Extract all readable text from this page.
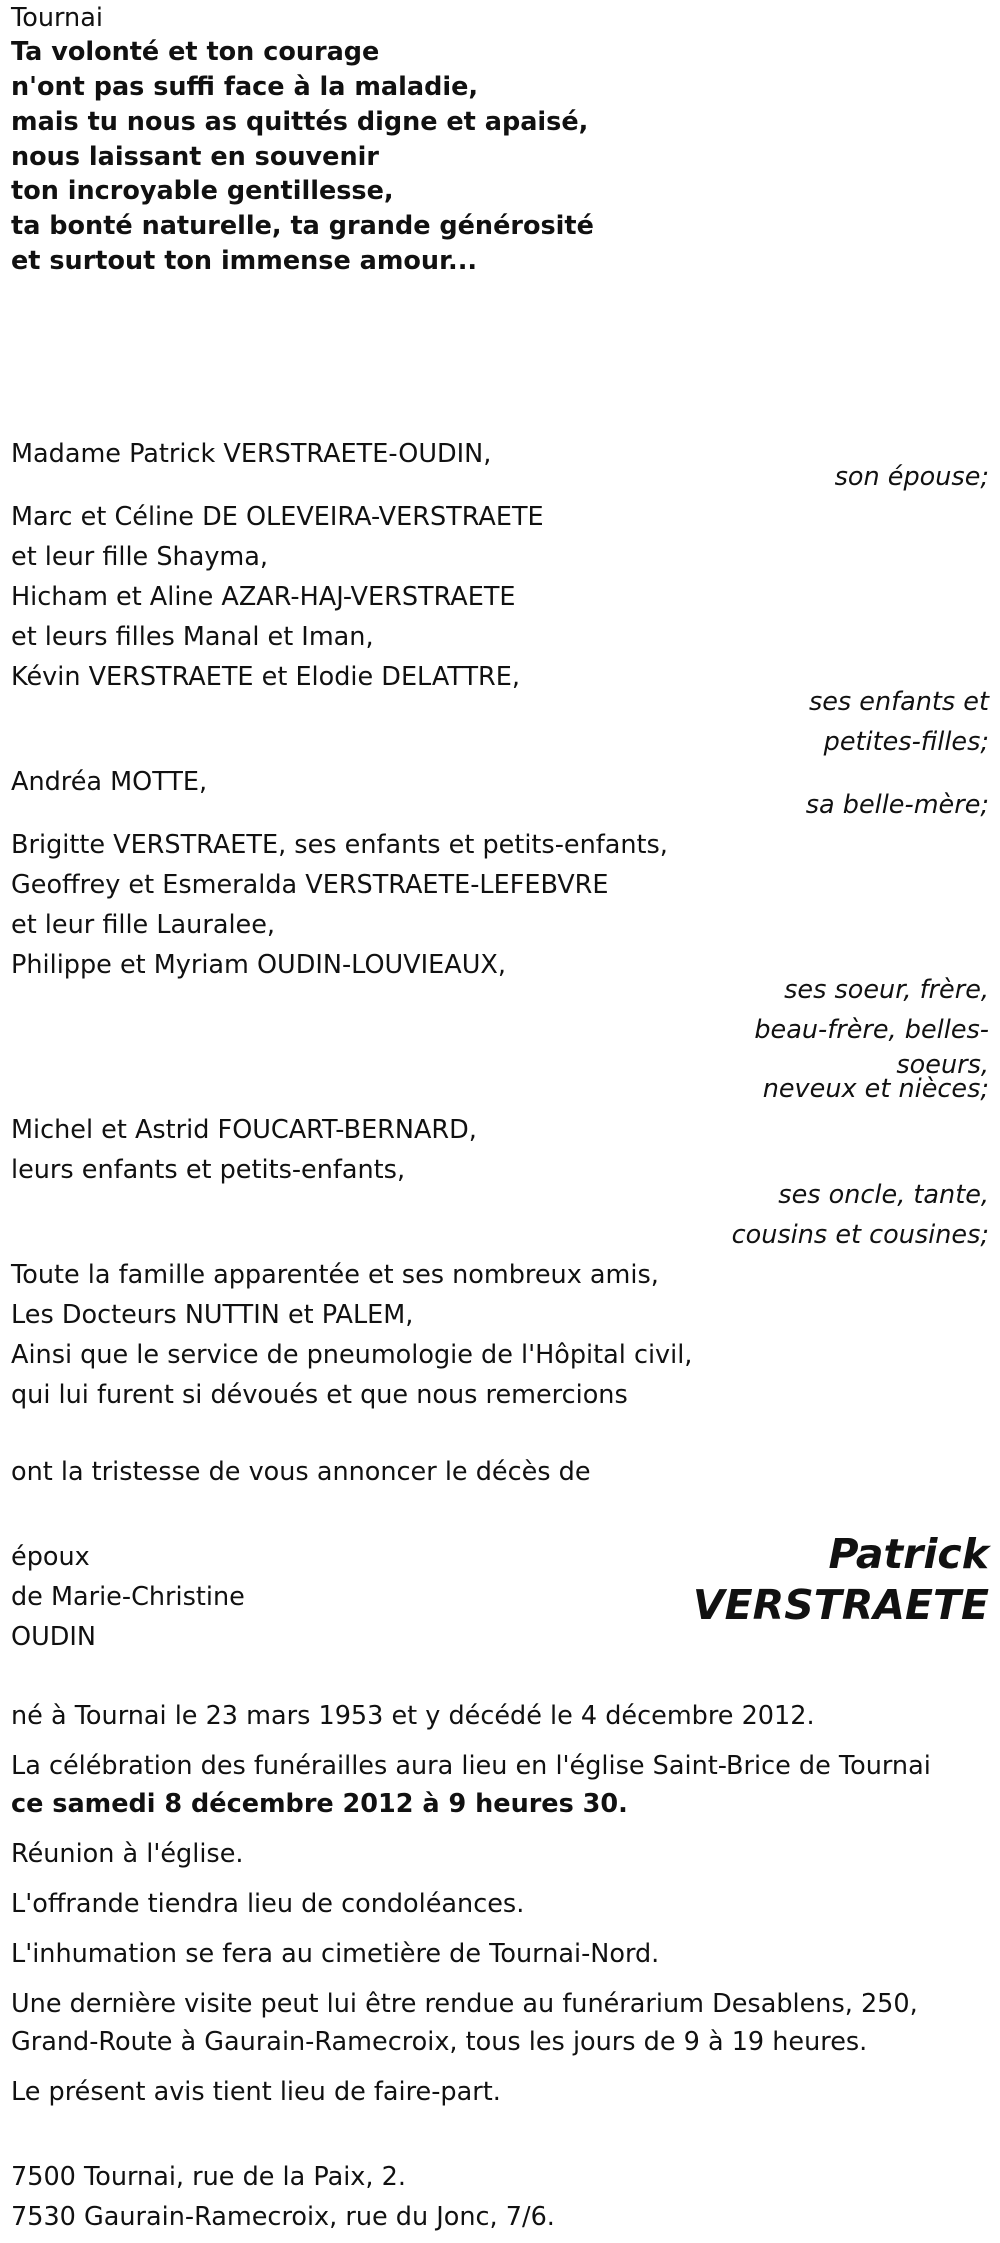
Tournai
Ta volonté et ton courage
n'ont pas suffi face à la maladie,
mais tu nous as quittés digne et apaisé,
nous laissant en souvenir
ton incroyable gentillesse,
ta bonté naturelle, ta grande générosité
et surtout ton immense amour...
Madame Patrick VERSTRAETE-OUDIN,
son épouse;
Marc et Céline DE OLEVEIRA-VERSTRAETE
et leur fille Shayma,
Hicham et Aline AZAR-HAJ-VERSTRAETE
et leurs filles Manal et Iman,
Kévin VERSTRAETE et Elodie DELATTRE,
ses enfants et
petites-filles;
Andréa MOTTE,
sa belle-mère;
Brigitte VERSTRAETE, ses enfants et petits-enfants,
Geoffrey et Esmeralda VERSTRAETE-LEFEBVRE
et leur fille Lauralee,
Philippe et Myriam OUDIN-LOUVIEAUX,
ses soeur, frère,
beau-frère, belles-
soeurs,
neveux et nièces;
Michel et Astrid FOUCART-BERNARD,
leurs enfants et petits-enfants,
ses oncle, tante,
cousins et cousines;
Toute la famille apparentée et ses nombreux amis,
Les Docteurs NUTTIN et PALEM,
Ainsi que le service de pneumologie de l'Hôpital civil,
qui lui furent si dévoués et que nous remercions
ont la tristesse de vous annoncer le décès de
époux
de Marie-Christine
OUDIN
Patrick
VERSTRAETE
né à Tournai le 23 mars 1953 et y décédé le 4 décembre 2012.
La célébration des funérailles aura lieu en l'église Saint-Brice de Tournai
ce samedi 8 décembre 2012 à 9 heures 30.
Réunion à l'église.
L'offrande tiendra lieu de condoléances.
L'inhumation se fera au cimetière de Tournai-Nord.
Une dernière visite peut lui être rendue au funérarium Desablens, 250,
Grand-Route à Gaurain-Ramecroix, tous les jours de 9 à 19 heures.
Le présent avis tient lieu de faire-part.
7500 Tournai, rue de la Paix, 2.
7530 Gaurain-Ramecroix, rue du Jonc, 7/6.
